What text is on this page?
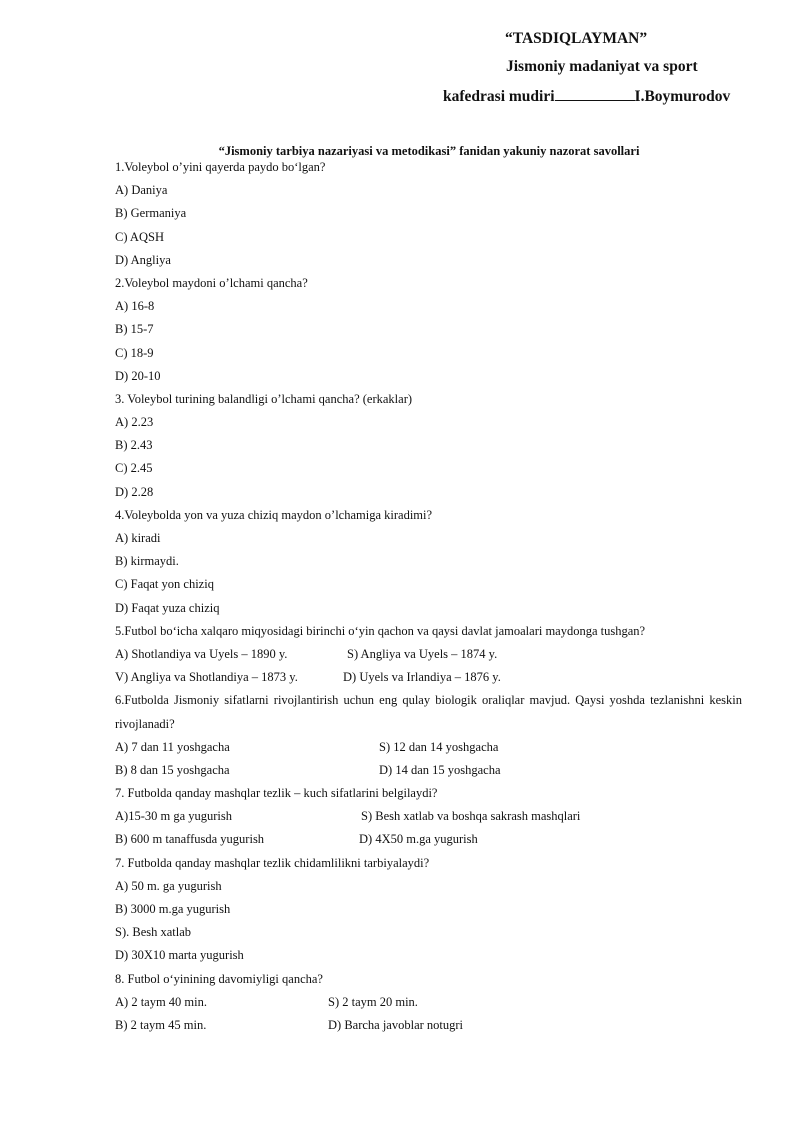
“TASDIQLAYMAN”
Jismoniy madaniyat va sport
kafedrasi mudiri	I.Boymurodov
“Jismoniy tarbiya nazariyasi va metodikasi” fanidan yakuniy nazorat savollari
1.Voleybol o’yini qayerda paydo bo‘lgan?
A) Daniya
B) Germaniya
C) AQSH
D) Angliya
2.Voleybol maydoni o’lchami qancha?
A) 16-8
B) 15-7
C) 18-9
D) 20-10
3. Voleybol turining balandligi o’lchami qancha? (erkaklar)
A) 2.23
B) 2.43
C) 2.45
D) 2.28
4.Voleybolda yon va yuza chiziq maydon o’lchamiga kiradimi?
A) kiradi
B) kirmaydi.
C) Faqat yon chiziq
D) Faqat yuza chiziq
5.Futbol bo‘icha xalqaro miqyosidagi birinchi o‘yin qachon va qaysi davlat jamoalari maydonga tushgan?
A) Shotlandiya va Uyels – 1890 y.	S) Angliya va Uyels – 1874 y.
V) Angliya va Shotlandiya – 1873 y.	D) Uyels va Irlandiya – 1876 y.
6.Futbolda Jismoniy sifatlarni rivojlantirish uchun eng qulay biologik oraliqlar mavjud. Qaysi yoshda tezlanishni keskin rivojlanadi?
A) 7 dan 11 yoshgacha	S) 12 dan 14 yoshgacha
B) 8 dan 15 yoshgacha	D) 14 dan 15 yoshgacha
7. Futbolda qanday mashqlar tezlik – kuch sifatlarini belgilaydi?
A)15-30 m ga yugurish	S) Besh xatlab va boshqa sakrash mashqlari
B) 600 m tanaffusda yugurish	D) 4X50 m.ga yugurish
7. Futbolda qanday mashqlar tezlik chidamlilikni tarbiyalaydi?
A) 50 m. ga yugurish
B) 3000 m.ga yugurish
S). Besh xatlab
D) 30X10 marta yugurish
8. Futbol o‘yinining davomiyligi qancha?
A) 2 taym 40 min.	S) 2 taym 20 min.
B) 2 taym 45 min.	D) Barcha javoblar notugri
